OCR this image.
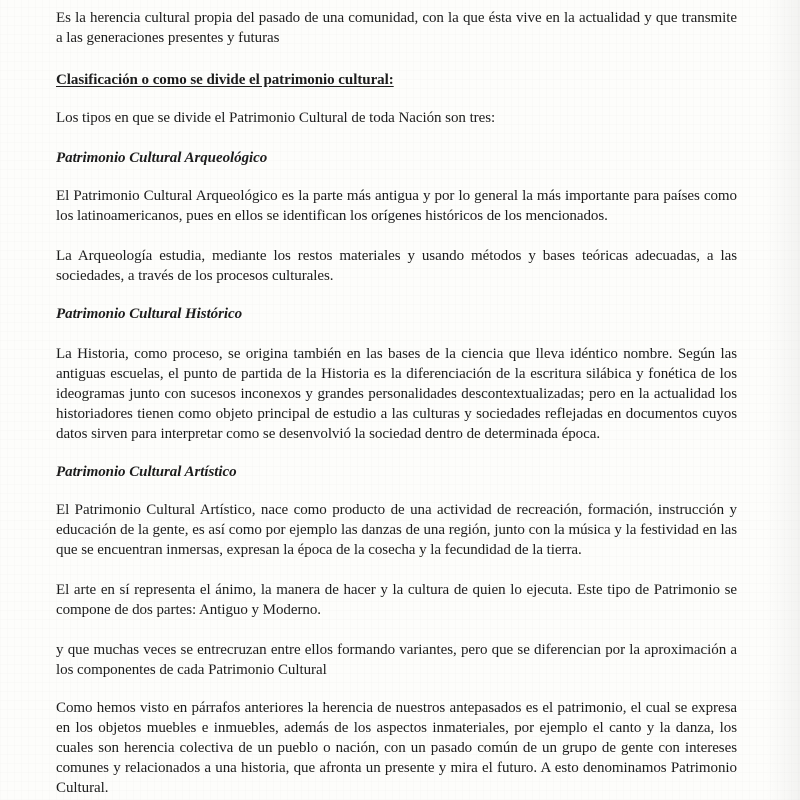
Es la herencia cultural propia del pasado de una comunidad, con la que ésta vive en la actualidad y que transmite a las generaciones presentes y futuras

Clasificación o como se divide el patrimonio cultural:

Los tipos en que se divide el Patrimonio Cultural de toda Nación son tres:

Patrimonio Cultural Arqueológico

El Patrimonio Cultural Arqueológico es la parte más antigua y por lo general la más importante para países como los latinoamericanos, pues en ellos se identifican los orígenes históricos de los mencionados.

La Arqueología estudia, mediante los restos materiales y usando métodos y bases teóricas adecuadas, a las sociedades, a través de los procesos culturales.

Patrimonio Cultural Histórico

La Historia, como proceso, se origina también en las bases de la ciencia que lleva idéntico nombre. Según las antiguas escuelas, el punto de partida de la Historia es la diferenciación de la escritura silábica y fonética de los ideogramas junto con sucesos inconexos y grandes personalidades descontextualizadas; pero en la actualidad los historiadores tienen como objeto principal de estudio a las culturas y sociedades reflejadas en documentos cuyos datos sirven para interpretar como se desenvolvió la sociedad dentro de determinada época.

Patrimonio Cultural Artístico

El Patrimonio Cultural Artístico, nace como producto de una actividad de recreación, formación, instrucción y educación de la gente, es así como por ejemplo las danzas de una región, junto con la música y la festividad en las que se encuentran inmersas, expresan la época de la cosecha y la fecundidad de la tierra.

El arte en sí representa el ánimo, la manera de hacer y la cultura de quien lo ejecuta. Este tipo de Patrimonio se compone de dos partes: Antiguo y Moderno.

y que muchas veces se entrecruzan entre ellos formando variantes, pero que se diferencian por la aproximación a los componentes de cada Patrimonio Cultural

Como hemos visto en párrafos anteriores la herencia de nuestros antepasados es el patrimonio, el cual se expresa en los objetos muebles e inmuebles, además de los aspectos inmateriales, por ejemplo el canto y la danza, los cuales son herencia colectiva de un pueblo o nación, con un pasado común de un grupo de gente con intereses comunes y relacionados a una historia, que afronta un presente y mira el futuro. A esto denominamos Patrimonio Cultural.
